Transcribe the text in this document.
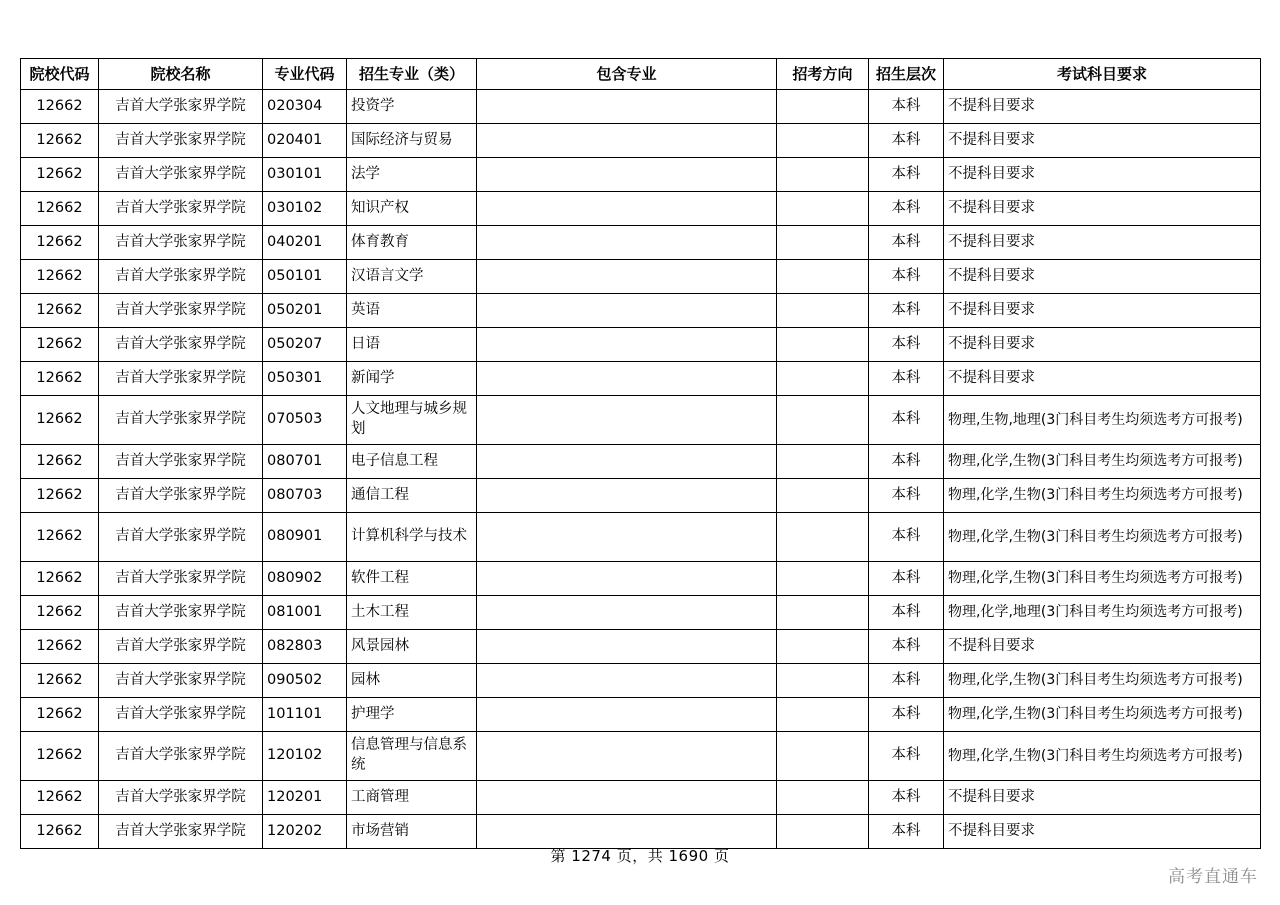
院校代码	院校名称	专业代码	招生专业（类）	包含专业	招考方向	招生层次	考试科目要求
12662	吉首大学张家界学院	020304	投资学			本科	不提科目要求

12662	吉首大学张家界学院	020401	国际经济与贸易			本科	不提科目要求

12662	吉首大学张家界学院	030101	法学			本科	不提科目要求

12662	吉首大学张家界学院	030102	知识产权			本科	不提科目要求

12662	吉首大学张家界学院	040201	体育教育			本科	不提科目要求

12662	吉首大学张家界学院	050101	汉语言文学			本科	不提科目要求

12662	吉首大学张家界学院	050201	英语			本科	不提科目要求

12662	吉首大学张家界学院	050207	日语			本科	不提科目要求

12662	吉首大学张家界学院	050301	新闻学			本科	不提科目要求

12662	吉首大学张家界学院	070503	人文地理与城乡规划			本科	物理,生物,地理(3门科目考生均须选考方可报考)

12662	吉首大学张家界学院	080701	电子信息工程			本科	物理,化学,生物(3门科目考生均须选考方可报考)

12662	吉首大学张家界学院	080703	通信工程			本科	物理,化学,生物(3门科目考生均须选考方可报考)

12662	吉首大学张家界学院	080901	计算机科学与技术			本科	物理,化学,生物(3门科目考生均须选考方可报考)

12662	吉首大学张家界学院	080902	软件工程			本科	物理,化学,生物(3门科目考生均须选考方可报考)

12662	吉首大学张家界学院	081001	土木工程			本科	物理,化学,地理(3门科目考生均须选考方可报考)

12662	吉首大学张家界学院	082803	风景园林			本科	不提科目要求

12662	吉首大学张家界学院	090502	园林			本科	物理,化学,生物(3门科目考生均须选考方可报考)

12662	吉首大学张家界学院	101101	护理学			本科	物理,化学,生物(3门科目考生均须选考方可报考)

12662	吉首大学张家界学院	120102	信息管理与信息系统			本科	物理,化学,生物(3门科目考生均须选考方可报考)

12662	吉首大学张家界学院	120201	工商管理			本科	不提科目要求

12662	吉首大学张家界学院	120202	市场营销			本科	不提科目要求
第 1274 页，共 1690 页
高考直通车
